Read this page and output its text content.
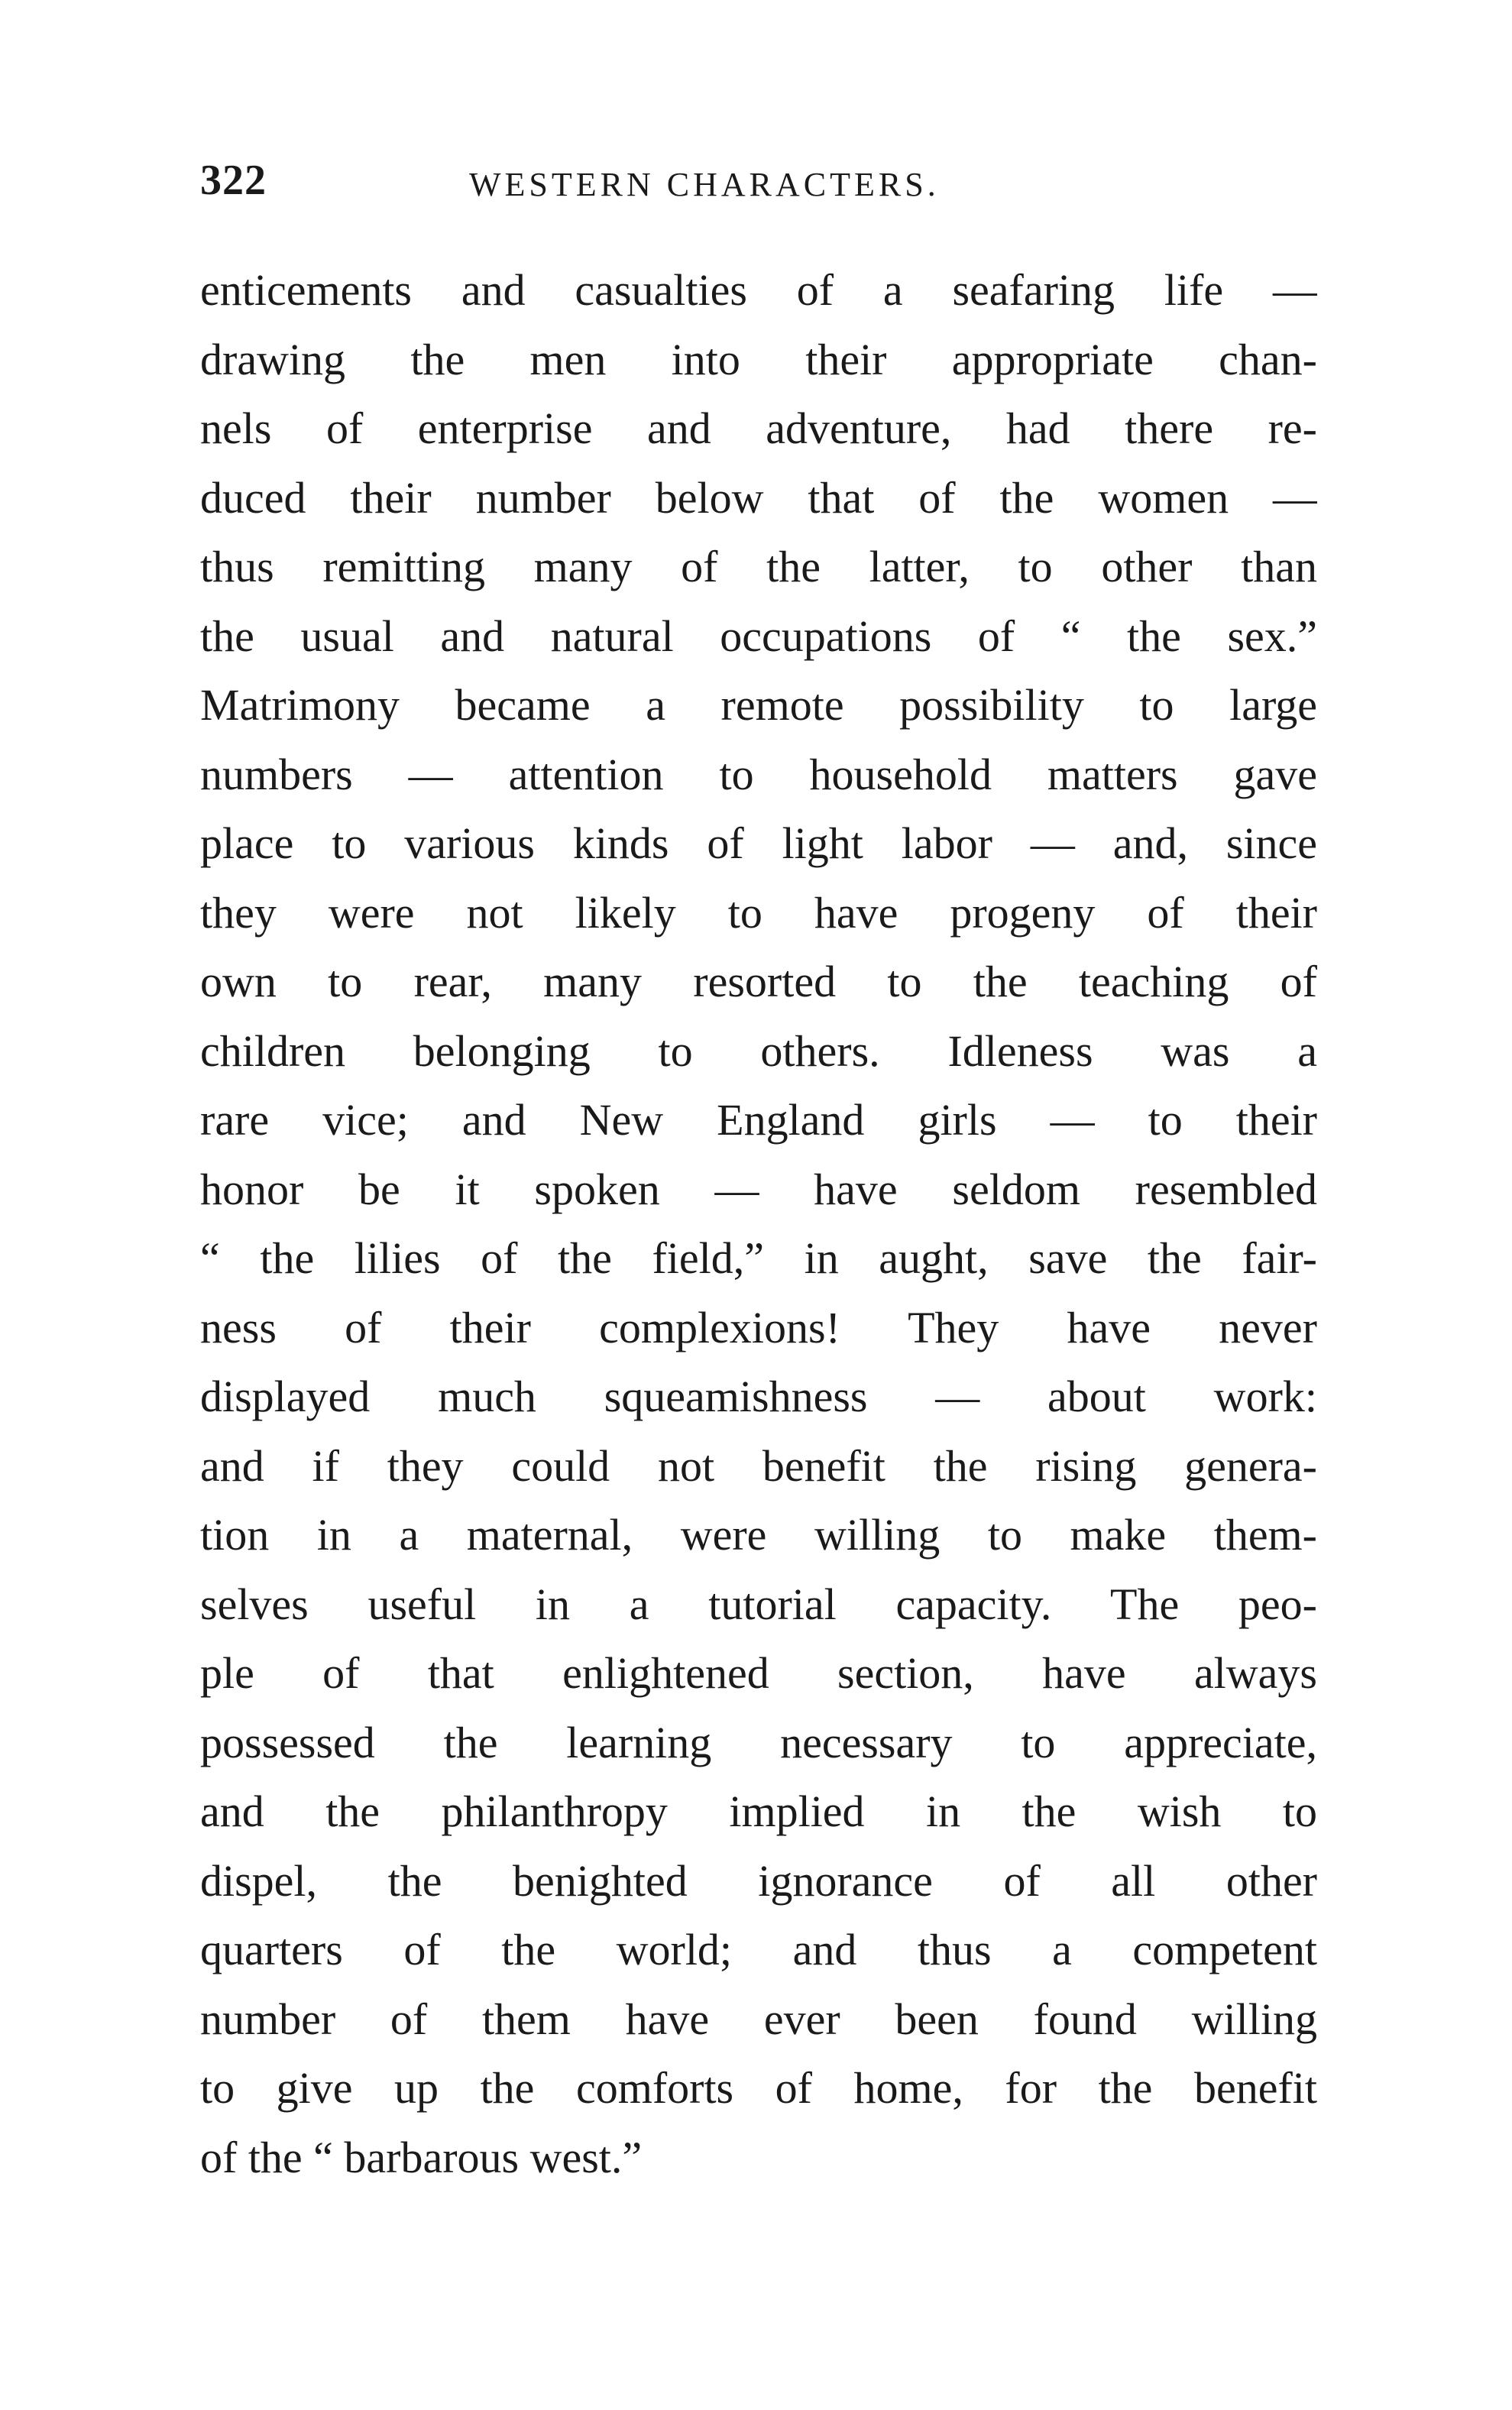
322	WESTERN CHARACTERS.
enticements and casualties of a seafaring life —
drawing the men into their appropriate chan-
nels of enterprise and adventure, had there re-
duced their number below that of the women —
thus remitting many of the latter, to other than
the usual and natural occupations of “ the sex.”
Matrimony became a remote possibility to large
numbers — attention to household matters gave
place to various kinds of light labor — and, since
they were not likely to have progeny of their
own to rear, many resorted to the teaching of
children belonging to others. Idleness was a
rare vice; and New England girls — to their
honor be it spoken — have seldom resembled
“ the lilies of the field,” in aught, save the fair-
ness of their complexions! They have never
displayed much squeamishness — about work:
and if they could not benefit the rising genera-
tion in a maternal, were willing to make them-
selves useful in a tutorial capacity. The peo-
ple of that enlightened section, have always
possessed the learning necessary to appreciate,
and the philanthropy implied in the wish to
dispel, the benighted ignorance of all other
quarters of the world; and thus a competent
number of them have ever been found willing
to give up the comforts of home, for the benefit
of the “ barbarous west.”
